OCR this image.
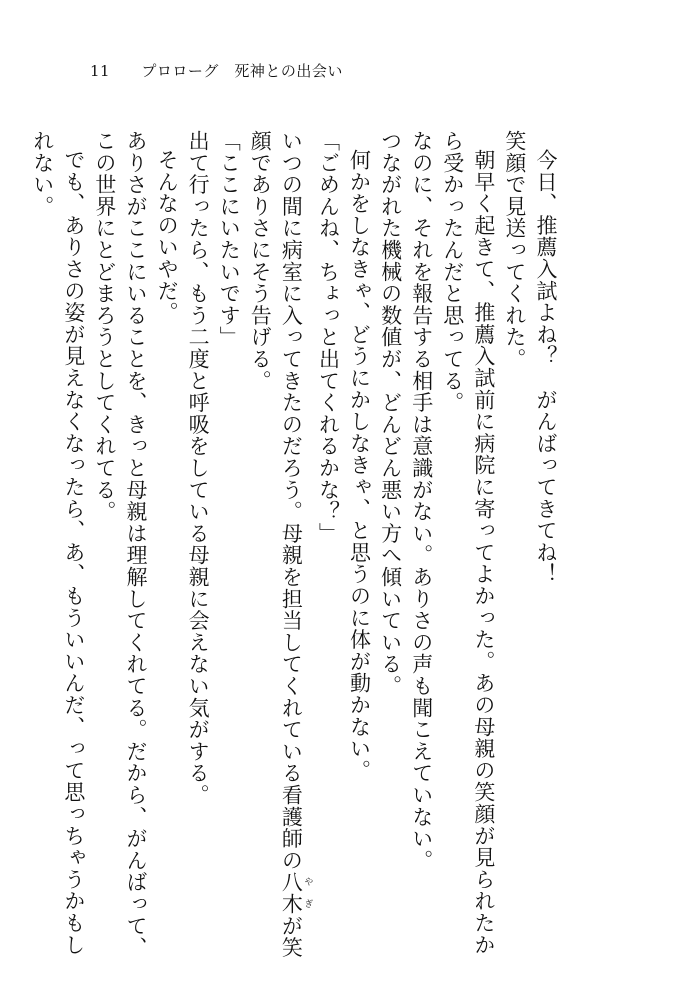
11 プロローグ　死神との出会い

今日、推薦入試よね？　がんばってきてね！

笑顔で見送ってくれた。

朝早く起きて、推薦入試前に病院に寄ってよかった。あの母親の笑顔が見られたから受かったんだと思ってる。

なのに、それを報告する相手は意識がない。ありさの声も聞こえていない。

つながれた機械の数値が、どんどん悪い方へ傾いている。

何かをしなきゃ、どうにかしなきゃ、と思うのに体が動かない。

「ごめんね、ちょっと出てくれるかな？」

いつの間に病室に入ってきたのだろう。母親を担当してくれている看護師の八木 やぎが笑顔でありさにそう告げる。

「ここにいたいです」

出て行ったら、もう二度と呼吸をしている母親に会えない気がする。

そんなのいやだ。

ありさがここにいることを、きっと母親は理解してくれてる。だから、がんばって、この世界にとどまろうとしてくれてる。

でも、ありさの姿が見えなくなったら、あ、もういいんだ、って思っちゃうかもしれない。
